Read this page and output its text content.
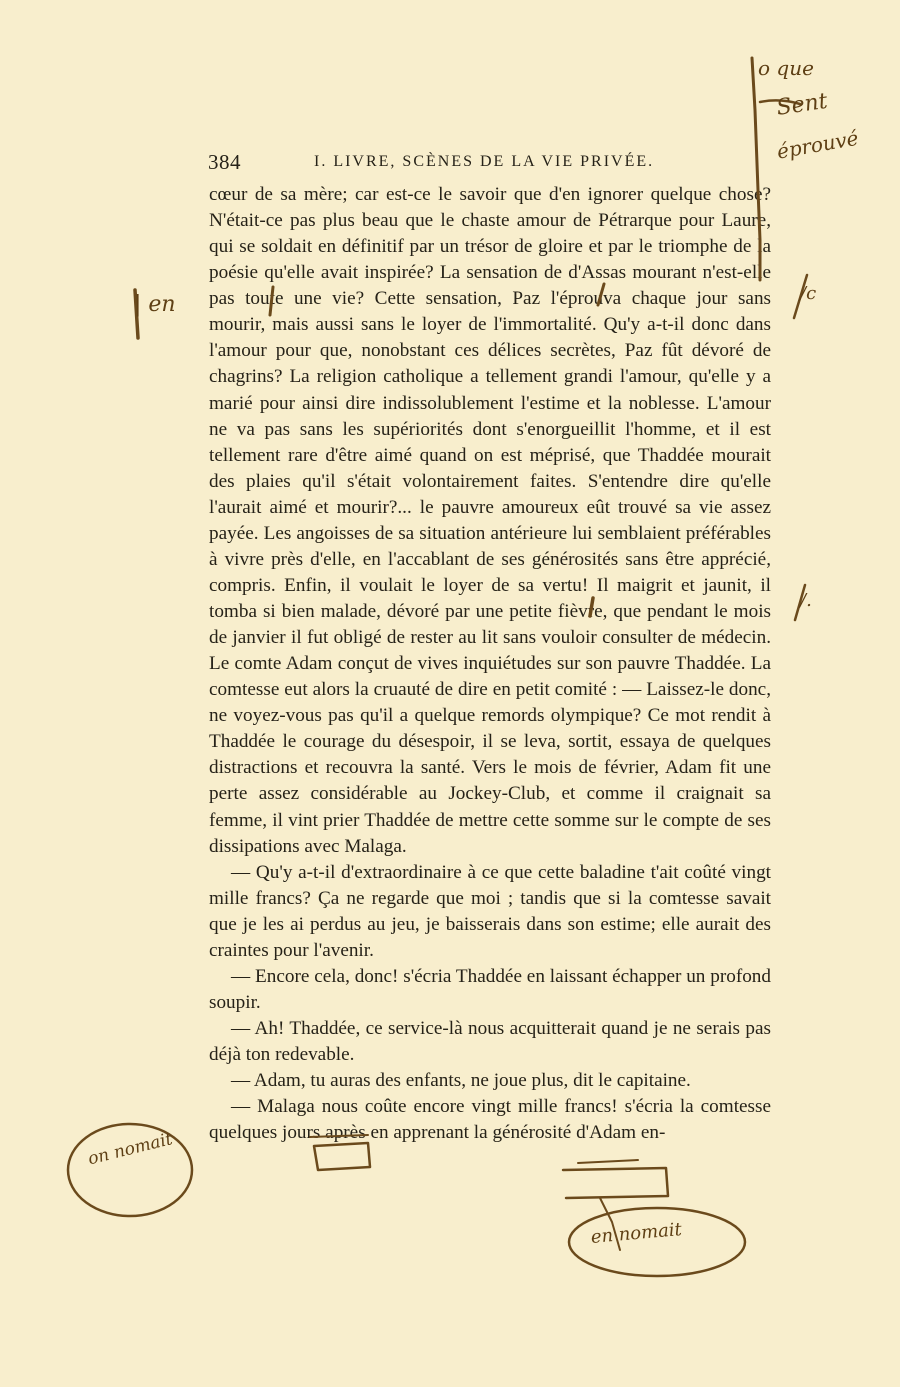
384	I. LIVRE, SCÈNES DE LA VIE PRIVÉE.

cœur de sa mère; car est-ce le savoir que d'en ignorer quelque chose? N'était-ce pas plus beau que le chaste amour de Pétrarque pour Laure, qui se soldait en définitif par un trésor de gloire et par le triomphe de la poésie qu'elle avait inspirée? La sensation de d'Assas mourant n'est-elle pas toute une vie? Cette sensation, Paz l'éprouva chaque jour sans mourir, mais aussi sans le loyer de l'immortalité. Qu'y a-t-il donc dans l'amour pour que, nonobstant ces délices secrètes, Paz fût dévoré de chagrins? La religion catholique a tellement grandi l'amour, qu'elle y a marié pour ainsi dire indissolublement l'estime et la noblesse. L'amour ne va pas sans les supériorités dont s'enorgueillit l'homme, et il est tellement rare d'être aimé quand on est méprisé, que Thaddée mourait des plaies qu'il s'était volontairement faites. S'entendre dire qu'elle l'aurait aimé et mourir?... le pauvre amoureux eût trouvé sa vie assez payée. Les angoisses de sa situation antérieure lui semblaient préférables à vivre près d'elle, en l'accablant de ses générosités sans être apprécié, compris. Enfin, il voulait le loyer de sa vertu! Il maigrit et jaunit, il tomba si bien malade, dévoré par une petite fièvre, que pendant le mois de janvier il fut obligé de rester au lit sans vouloir consulter de médecin. Le comte Adam conçut de vives inquiétudes sur son pauvre Thaddée. La comtesse eut alors la cruauté de dire en petit comité : — Laissez-le donc, ne voyez-vous pas qu'il a quelque remords olympique? Ce mot rendit à Thaddée le courage du désespoir, il se leva, sortit, essaya de quelques distractions et recouvra la santé. Vers le mois de février, Adam fit une perte assez considérable au Jockey-Club, et comme il craignait sa femme, il vint prier Thaddée de mettre cette somme sur le compte de ses dissipations avec Malaga.

— Qu'y a-t-il d'extraordinaire à ce que cette baladine t'ait coûté vingt mille francs? Ça ne regarde que moi ; tandis que si la comtesse savait que je les ai perdus au jeu, je baisserais dans son estime; elle aurait des craintes pour l'avenir.

— Encore cela, donc! s'écria Thaddée en laissant échapper un profond soupir.

— Ah! Thaddée, ce service-là nous acquitterait quand je ne serais pas déjà ton redevable.

— Adam, tu auras des enfants, ne joue plus, dit le capitaine.

— Malaga nous coûte encore vingt mille francs! s'écria la comtesse quelques jours après en apprenant la générosité d'Adam en-

o que
Sent
éprouvé
/c
/.
| en
on nomait
en nomait
